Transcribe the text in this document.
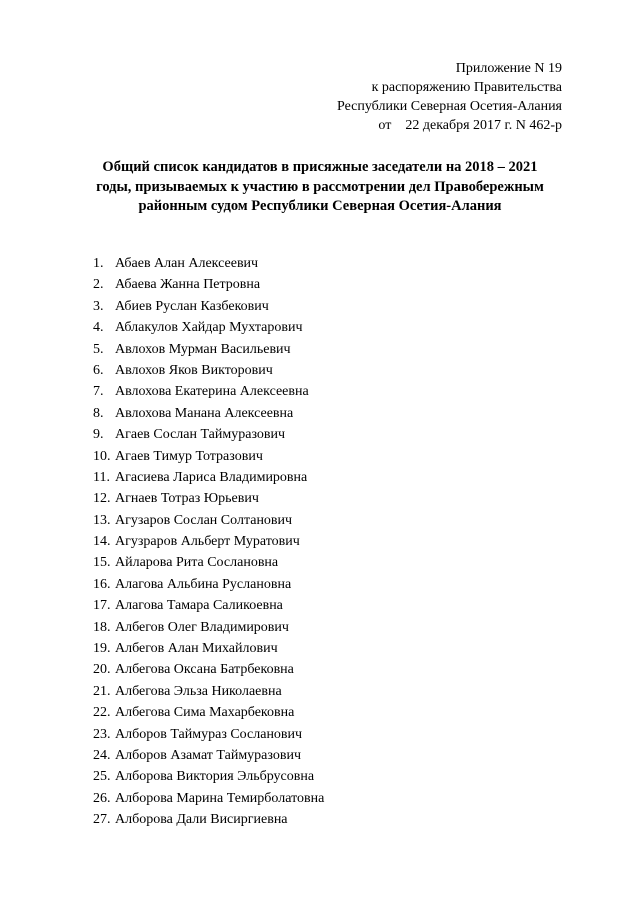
Приложение N 19
к распоряжению Правительства
Республики Северная Осетия-Алания
от    22 декабря 2017 г. N 462-р
Общий список кандидатов в присяжные заседатели на 2018 – 2021
годы, призываемых к участию в рассмотрении дел Правобережным
районным судом Республики Северная Осетия-Алания
1. Абаев Алан Алексеевич
2. Абаева Жанна Петровна
3. Абиев Руслан Казбекович
4. Аблакулов Хайдар Мухтарович
5. Авлохов Мурман Васильевич
6. Авлохов Яков Викторович
7. Авлохова Екатерина Алексеевна
8. Авлохова Манана Алексеевна
9. Агаев Сослан Таймуразович
10. Агаев Тимур Тотразович
11. Агасиева Лариса Владимировна
12. Агнаев Тотраз Юрьевич
13. Агузаров Сослан Солтанович
14. Агузраров Альберт Муратович
15. Айларова Рита Сослановна
16. Алагова Альбина Руслановна
17. Алагова Тамара Саликоевна
18. Албегов Олег Владимирович
19. Албегов Алан Михайлович
20. Албегова Оксана Батрбековна
21. Албегова Эльза Николаевна
22. Албегова Сима Махарбековна
23. Алборов Таймураз Сосланович
24. Алборов Азамат Таймуразович
25. Алборова Виктория Эльбрусовна
26. Алборова Марина Темирболатовна
27. Алборова Дали Висиргиевна
